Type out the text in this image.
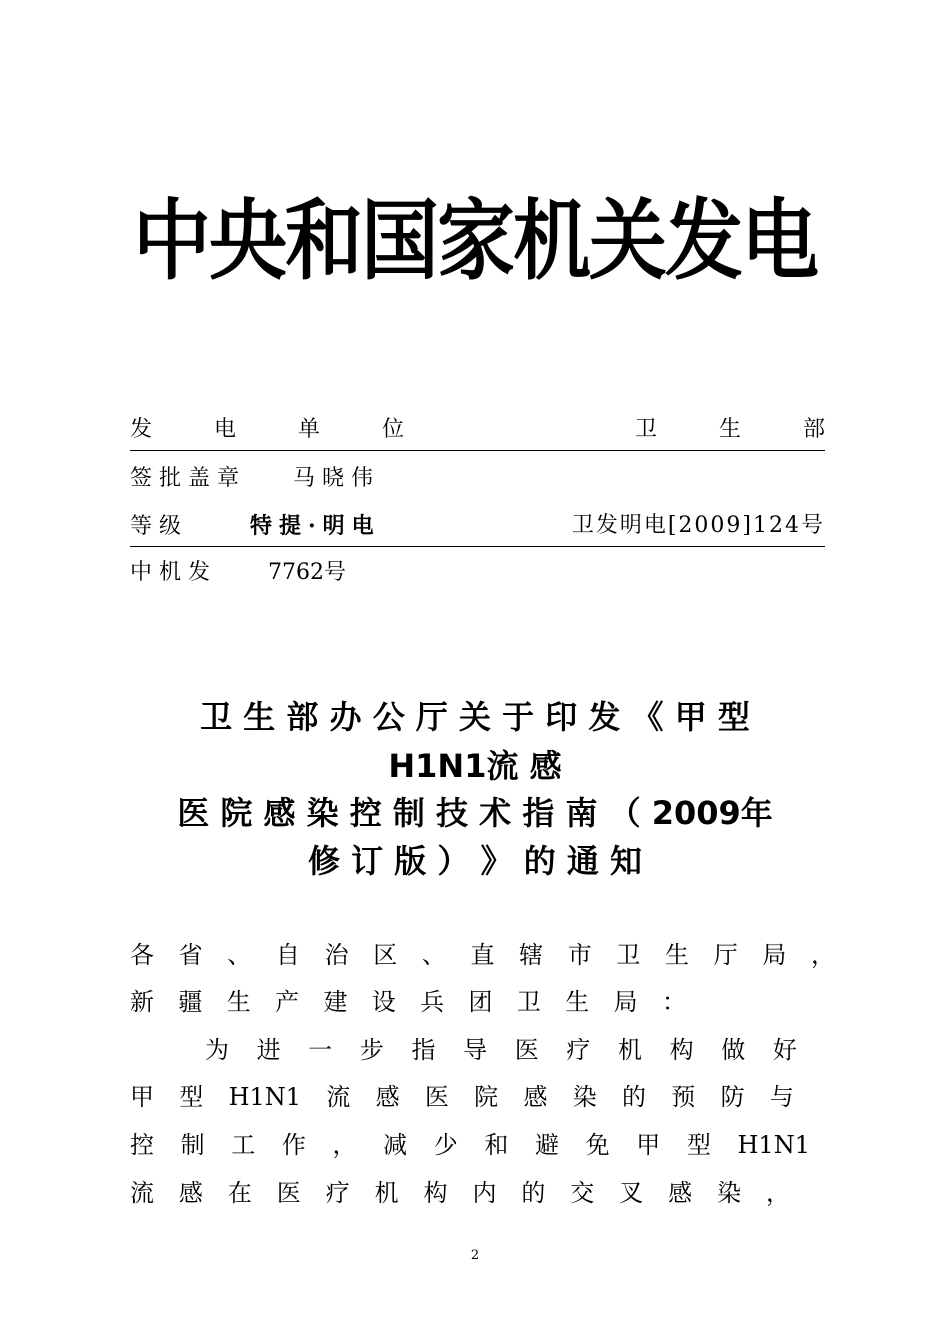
中央和国家机关发电
发电单位	卫生部
签批盖章 马晓伟
等级	特提·明电	卫发明电[2009]124号
中机发 7762号
卫 生 部 办 公 厅 关 于 印 发 《 甲 型
H1N1流 感
医 院 感 染 控 制 技 术 指 南 （ 2009年
修 订 版 ） 》 的 通 知
各 省 、 自 治 区 、 直 辖 市 卫 生 厅 局 ，
新 疆 生 产 建 设 兵 团 卫 生 局 ：
为 进 一 步 指 导 医 疗 机 构 做 好
甲 型 H1N1 流 感 医 院 感 染 的 预 防 与
控 制 工 作 ， 减 少 和 避 免 甲 型 H1N1
流 感 在 医 疗 机 构 内 的 交 叉 感 染 ，
2
